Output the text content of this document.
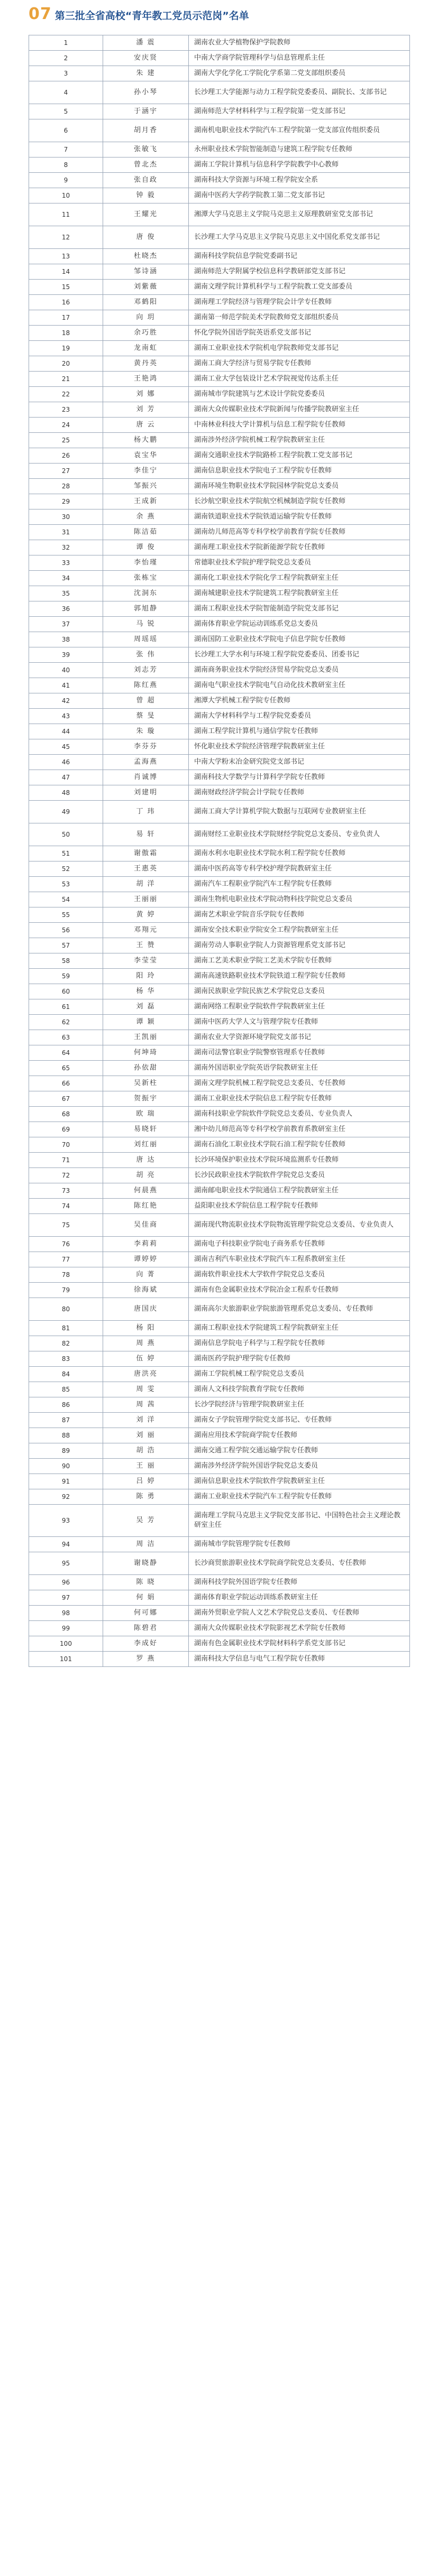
07 第三批全省高校“青年教工党员示范岗”名单
1	潘 震	湖南农业大学植物保护学院教师
2	安庆贤	中南大学商学院管理科学与信息管理系主任
3	朱 建	湖南大学化学化工学院化学系第二党支部组织委员
4	孙小琴	长沙理工大学能源与动力工程学院党委委员、副院长、支部书记
5	于涵宇	湖南师范大学材料科学与工程学院第一党支部书记
6	胡月香	湖南机电职业技术学院汽车工程学院第一党支部宣传组织委员
7	张敏飞	永州职业技术学院智能制造与建筑工程学院专任教师
8	曾北杰	湖南工学院计算机与信息科学学院教学中心教师
9	张自政	湖南科技大学资源与环境工程学院安全系
10	钟 毅	湖南中医药大学药学院教工第二党支部书记
11	王耀光	湘潭大学马克思主义学院马克思主义原理教研室党支部书记
12	唐 俊	长沙理工大学马克思主义学院马克思主义中国化系党支部书记
13	杜晓杰	湖南科技学院信息学院党委副书记
14	邹诗涵	湖南师范大学附属学校信息科学教研部党支部书记
15	刘紫薇	湖南文理学院计算机科学与工程学院教工党支部委员
16	邓鹤阳	湖南理工学院经济与管理学院会计学专任教师
17	向 玥	湖南第一师范学院美术学院教师党支部组织委员
18	余巧胜	怀化学院外国语学院英语系党支部书记
19	龙南虹	湖南工业职业技术学院机电学院教师党支部书记
20	黄丹英	湖南工商大学经济与贸易学院专任教师
21	王艳鸿	湖南工业大学包装设计艺术学院视觉传达系主任
22	刘 娜	湖南城市学院建筑与艺术设计学院党委委员
23	刘 芳	湖南大众传媒职业技术学院新闻与传播学院教研室主任
24	唐 云	中南林业科技大学计算机与信息工程学院专任教师
25	杨大鹏	湖南涉外经济学院机械工程学院教研室主任
26	袁宝华	湖南交通职业技术学院路桥工程学院教工党支部书记
27	李佳宁	湖南信息职业技术学院电子工程学院专任教师
28	邹振兴	湖南环境生物职业技术学院园林学院党总支委员
29	王成新	长沙航空职业技术学院航空机械制造学院专任教师
30	余 燕	湖南铁道职业技术学院铁道运输学院专任教师
31	陈洁茹	湖南幼儿师范高等专科学校学前教育学院专任教师
32	谭 俊	湖南理工职业技术学院新能源学院专任教师
33	李怡瑾	常德职业技术学院护理学院党总支委员
34	张栋宝	湖南化工职业技术学院化学工程学院教研室主任
35	沈洞东	湖南城建职业技术学院建筑工程学院教研室主任
36	郭旭静	湖南工程职业技术学院智能制造学院党支部书记
37	马 锐	湖南体育职业学院运动训练系党总支委员
38	周瑶瑶	湖南国防工业职业技术学院电子信息学院专任教师
39	张 伟	长沙理工大学水利与环境工程学院党委委员、团委书记
40	刘志芳	湖南商务职业技术学院经济贸易学院党总支委员
41	陈红燕	湖南电气职业技术学院电气自动化技术教研室主任
42	曾 超	湘潭大学机械工程学院专任教师
43	蔡 旻	湖南大学材料科学与工程学院党委委员
44	朱 璇	湖南工程学院计算机与通信学院专任教师
45	李芬芬	怀化职业技术学院经济管理学院教研室主任
46	孟海燕	中南大学粉末冶金研究院党支部书记
47	肖诚博	湖南科技大学数学与计算科学学院专任教师
48	刘建明	湖南财政经济学院会计学院专任教师
49	丁 玮	湖南工商大学计算机学院大数据与互联网专业教研室主任
50	易 轩	湖南财经工业职业技术学院财经学院党总支委员、专业负责人
51	谢傲霜	湖南水利水电职业技术学院水利工程学院专任教师
52	王惠英	湖南中医药高等专科学校护理学院教研室主任
53	胡 洋	湖南汽车工程职业学院汽车工程学院专任教师
54	王丽丽	湖南生物机电职业技术学院动物科技学院党总支委员
55	黄 婷	湖南艺术职业学院音乐学院专任教师
56	邓翔元	湖南安全技术职业学院安全工程学院教研室主任
57	王 赞	湖南劳动人事职业学院人力资源管理系党支部书记
58	李莹莹	湖南工艺美术职业学院工艺美术学院专任教师
59	阳 玲	湖南高速铁路职业技术学院铁道工程学院专任教师
60	杨 华	湖南民族职业学院民族艺术学院党总支委员
61	刘 磊	湖南网络工程职业学院软件学院教研室主任
62	谭 颖	湖南中医药大学人文与管理学院专任教师
63	王凯丽	湖南农业大学资源环境学院党支部书记
64	何坤琦	湖南司法警官职业学院警察管理系专任教师
65	孙依甜	湖南外国语职业学院英语学院教研室主任
66	吴新柱	湖南文理学院机械工程学院党总支委员、专任教师
67	贺振宇	湖南工业职业技术学院信息工程学院专任教师
68	欧 瑞	湖南科技职业学院软件学院党总支委员、专业负责人
69	易晓轩	湘中幼儿师范高等专科学校学前教育系教研室主任
70	刘红丽	湖南石油化工职业技术学院石油工程学院专任教师
71	唐 达	长沙环境保护职业技术学院环境监测系专任教师
72	胡 亮	长沙民政职业技术学院软件学院党总支委员
73	何晨燕	湖南邮电职业技术学院通信工程学院教研室主任
74	陈红艳	益阳职业技术学院信息工程学院专任教师
75	吴佳商	湖南现代物流职业技术学院物流管理学院党总支委员、专业负责人
76	李莉莉	湖南电子科技职业学院电子商务系专任教师
77	谭婷婷	湖南吉利汽车职业技术学院汽车工程系教研室主任
78	向 菁	湖南软件职业技术大学软件学院党总支委员
79	徐海斌	湖南有色金属职业技术学院冶金工程系专任教师
80	唐国庆	湖南高尔夫旅游职业学院旅游管理系党总支委员、专任教师
81	杨 阳	湖南工程职业技术学院建筑工程学院教研室主任
82	周 燕	湖南信息学院电子科学与工程学院专任教师
83	伍 婷	湖南医药学院护理学院专任教师
84	唐洪亮	湖南工学院机械工程学院党总支委员
85	周 雯	湖南人文科技学院教育学院专任教师
86	周 茜	长沙学院经济与管理学院教研室主任
87	刘 洋	湖南女子学院管理学院党支部书记、专任教师
88	刘 丽	湖南应用技术学院商学院专任教师
89	胡 浩	湖南交通工程学院交通运输学院专任教师
90	王 丽	湖南涉外经济学院外国语学院党总支委员
91	吕 婷	湖南信息职业技术学院软件学院教研室主任
92	陈 勇	湖南工业职业技术学院汽车工程学院专任教师
93	吴 芳	湖南理工学院马克思主义学院党支部书记、中国特色社会主义理论教研室主任
94	周 洁	湖南城市学院管理学院专任教师
95	谢晓静	长沙商贸旅游职业技术学院商学院党总支委员、专任教师
96	陈 晓	湖南科技学院外国语学院专任教师
97	何 娟	湖南体育职业学院运动训练系教研室主任
98	何可娜	湖南外贸职业学院人文艺术学院党总支委员、专任教师
99	陈碧君	湖南大众传媒职业技术学院影视艺术学院专任教师
100	李成好	湖南有色金属职业技术学院材料科学系党支部书记
101	罗 燕	湖南科技大学信息与电气工程学院专任教师
